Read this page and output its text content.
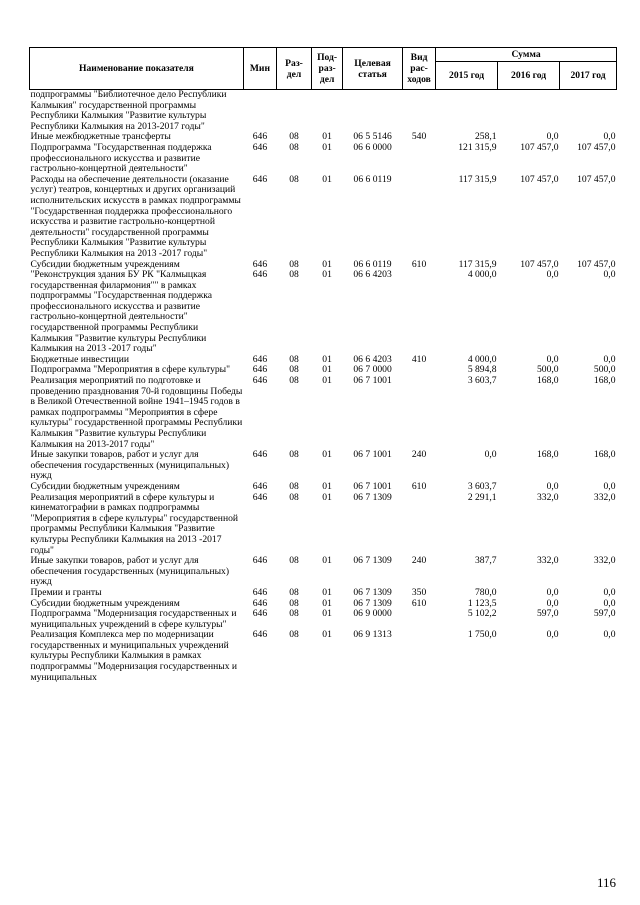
Наименование показателя	Мин	Раз-
дел	Под-
раз-
дел	Целевая
статья	Вид
рас-
ходов	Сумма		
						2015 год	2016 год	2017 год
подпрограммы "Библиотечное дело Республики Калмыкия" государственной программы Республики Калмыкия "Развитие культуры Республики Калмыкия на 2013-2017 годы"								
Иные межбюджетные трансферты	646	08	01	06 5 5146	540	258,1	0,0	0,0
Подпрограмма "Государственная поддержка профессионального искусства и развитие гастрольно-концертной деятельности"	646	08	01	06 6 0000		121 315,9	107 457,0	107 457,0
Расходы на обеспечение деятельности (оказание услуг) театров, концертных и других организаций исполнительских искусств в рамках подпрограммы "Государственная поддержка профессионального искусства и развитие гастрольно-концертной деятельности" государственной программы Республики Калмыкия "Развитие культуры Республики Калмыкия на 2013 -2017 годы"	646	08	01	06 6 0119		117 315,9	107 457,0	107 457,0
Субсидии бюджетным учреждениям	646	08	01	06 6 0119	610	117 315,9	107 457,0	107 457,0
"Реконструкция здания БУ РК "Калмыцкая государственная филармония"" в рамках подпрограммы "Государственная поддержка профессионального искусства и развитие гастрольно-концертной деятельности" государственной программы Республики Калмыкия "Развитие культуры Республики Калмыкия на 2013 -2017 годы"	646	08	01	06 6 4203		4 000,0	0,0	0,0
Бюджетные инвестиции	646	08	01	06 6 4203	410	4 000,0	0,0	0,0
Подпрограмма "Мероприятия в сфере культуры"	646	08	01	06 7 0000		5 894,8	500,0	500,0
Реализация мероприятий по подготовке и проведению празднования 70-й годовщины Победы в Великой Отечественной войне 1941–1945 годов в рамках подпрограммы "Мероприятия в сфере культуры" государственной программы Республики Калмыкия "Развитие культуры Республики Калмыкия на 2013-2017 годы"	646	08	01	06 7 1001		3 603,7	168,0	168,0
Иные закупки товаров, работ и услуг для обеспечения государственных (муниципальных) нужд	646	08	01	06 7 1001	240	0,0	168,0	168,0
Субсидии бюджетным учреждениям	646	08	01	06 7 1001	610	3 603,7	0,0	0,0
Реализация мероприятий в сфере культуры и кинематографии в рамках подпрограммы "Мероприятия в сфере культуры" государственной программы Республики Калмыкия "Развитие культуры Республики Калмыкия на 2013 -2017 годы"	646	08	01	06 7 1309		2 291,1	332,0	332,0
Иные закупки товаров, работ и услуг для обеспечения государственных (муниципальных) нужд	646	08	01	06 7 1309	240	387,7	332,0	332,0
Премии и гранты	646	08	01	06 7 1309	350	780,0	0,0	0,0
Субсидии бюджетным учреждениям	646	08	01	06 7 1309	610	1 123,5	0,0	0,0
Подпрограмма "Модернизация государственных и муниципальных учреждений в сфере культуры"	646	08	01	06 9 0000		5 102,2	597,0	597,0
Реализация Комплекса мер по модернизации государственных и муниципальных учреждений культуры Республики Калмыкия в рамках подпрограммы "Модернизация государственных и муниципальных	646	08	01	06 9 1313		1 750,0	0,0	0,0
116
